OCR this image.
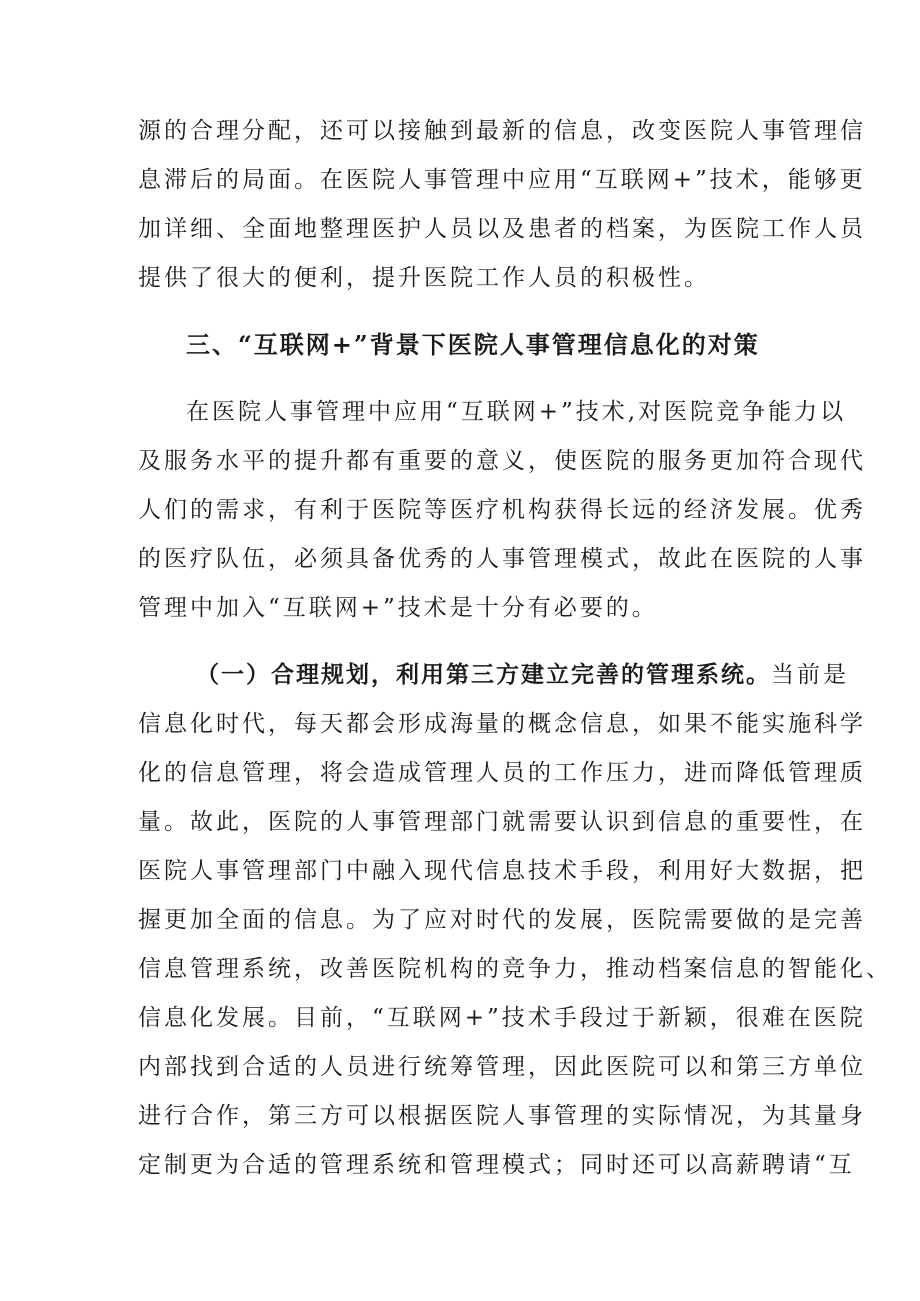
源的合理分配，还可以接触到最新的信息，改变医院人事管理信
息滞后的局面。在医院人事管理中应用“互联网+”技术，能够更
加详细、全面地整理医护人员以及患者的档案，为医院工作人员
提供了很大的便利，提升医院工作人员的积极性。
三、“互联网+”背景下医院人事管理信息化的对策
在医院人事管理中应用“互联网+”技术,对医院竞争能力以
及服务水平的提升都有重要的意义，使医院的服务更加符合现代
人们的需求，有利于医院等医疗机构获得长远的经济发展。优秀
的医疗队伍，必须具备优秀的人事管理模式，故此在医院的人事
管理中加入“互联网+”技术是十分有必要的。
（一）合理规划，利用第三方建立完善的管理系统。当前是
信息化时代，每天都会形成海量的概念信息，如果不能实施科学
化的信息管理，将会造成管理人员的工作压力，进而降低管理质
量。故此，医院的人事管理部门就需要认识到信息的重要性，在
医院人事管理部门中融入现代信息技术手段，利用好大数据，把
握更加全面的信息。为了应对时代的发展，医院需要做的是完善
信息管理系统，改善医院机构的竞争力，推动档案信息的智能化、
信息化发展。目前，“互联网+”技术手段过于新颖，很难在医院
内部找到合适的人员进行统筹管理，因此医院可以和第三方单位
进行合作，第三方可以根据医院人事管理的实际情况，为其量身
定制更为合适的管理系统和管理模式；同时还可以高薪聘请“互
